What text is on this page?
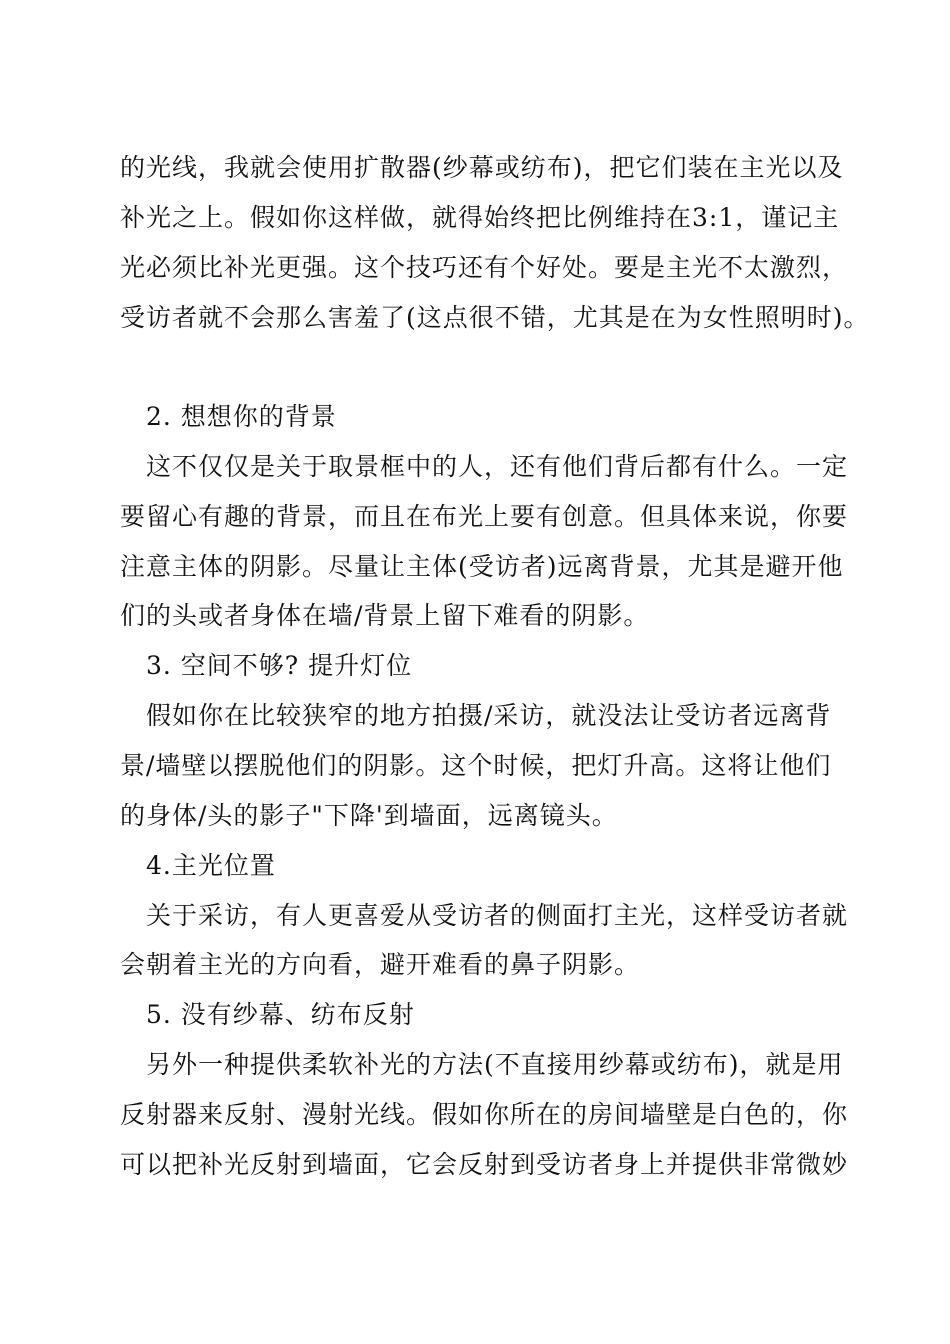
的光线，我就会使用扩散器(纱幕或纺布)，把它们装在主光以及
补光之上。假如你这样做，就得始终把比例维持在3:1，谨记主
光必须比补光更强。这个技巧还有个好处。要是主光不太激烈，
受访者就不会那么害羞了(这点很不错，尤其是在为女性照明时)。
2. 想想你的背景
这不仅仅是关于取景框中的人，还有他们背后都有什么。一定
要留心有趣的背景，而且在布光上要有创意。但具体来说，你要
注意主体的阴影。尽量让主体(受访者)远离背景，尤其是避开他
们的头或者身体在墙/背景上留下难看的阴影。
3. 空间不够? 提升灯位
假如你在比较狭窄的地方拍摄/采访，就没法让受访者远离背
景/墙壁以摆脱他们的阴影。这个时候，把灯升高。这将让他们
的身体/头的影子"下降'到墙面，远离镜头。
4.主光位置
关于采访，有人更喜爱从受访者的侧面打主光，这样受访者就
会朝着主光的方向看，避开难看的鼻子阴影。
5. 没有纱幕、纺布反射
另外一种提供柔软补光的方法(不直接用纱幕或纺布)，就是用
反射器来反射、漫射光线。假如你所在的房间墙壁是白色的，你
可以把补光反射到墙面，它会反射到受访者身上并提供非常微妙
